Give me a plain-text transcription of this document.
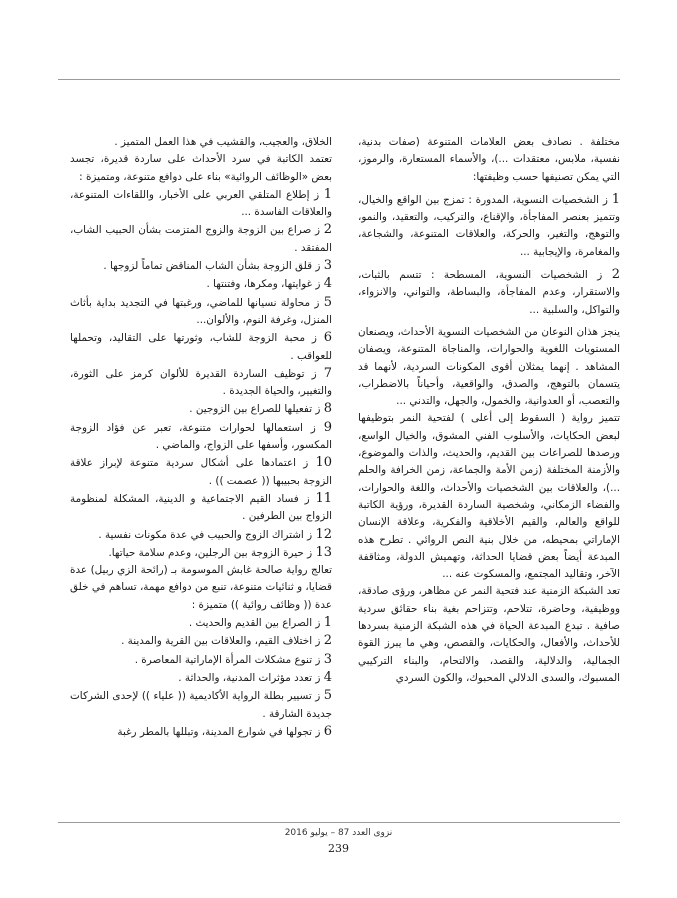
مختلفة . نصادف بعض العلامات المتنوعة (صفات بدنية، نفسية، ملابس، معتقدات ...)، والأسماء المستعارة، والرموز، التي يمكن تصنيفها حسب وظيفتها:

1 ز الشخصيات النسوية، المدورة : تمزج بين الواقع والخيال، وتتميز بعنصر المفاجأة، والإقناع، والتركيب، والتعقيد، والنمو، والتوهج، والتغير، والحركة، والعلاقات المتنوعة، والشجاعة، والمغامرة، والإيجابية ...

2 ز الشخصيات النسوية، المسطحة : تتسم بالثبات، والاستقرار، وعدم المفاجأة، والبساطة، والتواني، والانزواء، والتواكل، والسلبية ...

ينجز هذان النوعان من الشخصيات النسوية الأحداث، ويصنعان المستويات اللغوية والحوارات، والمناجاة المتنوعة، ويصفان المشاهد . إنهما يمثلان أقوى المكونات السردية، لأنهما قد يتسمان بالتوهج، والصدق، والواقعية، وأحياناً بالاضطراب، والتعصب، أو العدوانية، والخمول، والجهل، والتدني ...

تتميز رواية ( السقوط إلى أعلى ) لفتحية النمر بتوظيفها لبعض الحكايات، والأسلوب الفني المشوق، والخيال الواسع، ورصدها للصراعات بين القديم، والحديث، والذات والموضوع، والأزمنة المختلفة (زمن الأمة والجماعة، زمن الخرافة والحلم ...)، والعلاقات بين الشخصيات والأحداث، واللغة والحوارات، والفضاء الزمكاني، وشخصية الساردة القديرة، ورؤية الكاتبة للواقع والعالم، والقيم الأخلاقية والفكرية، وعلاقة الإنسان الإماراتي بمحيطه، من خلال بنية النص الروائي . تطرح هذه المبدعة أيضاً بعض قضايا الحداثة، وتهميش الدولة، ومثاقفة الآخر، وتقاليد المجتمع، والمسكوت عنه ...

تعد الشبكة الزمنية عند فتحية النمر عن مظاهر، ورؤى صادقة، ووظيفية، وحاضرة، تتلاحم، وتتزاحم بغية بناء حقائق سردية صافية . تبدع المبدعة الحياة في هذه الشبكة الزمنية بسردها للأحداث، والأفعال، والحكايات، والقصص، وهي ما يبرز القوة الجمالية، والدلالية، والقصد، والالتحام، والبناء التركيبي المسبوك، والسدى الدلالي المحبوك، والكون السردي

الخلاق، والعجيب، والقشيب في هذا العمل المتميز .

تعتمد الكاتبة في سرد الأحداث على ساردة قديرة، تجسد بعض «الوظائف الروائية» بناء على دوافع متنوعة، ومتميزة :

1 ز إطلاع المتلقي العربي على الأخبار، واللقاءات المتنوعة، والعلاقات الفاسدة ...

2 ز صراع بين الزوجة والزوج المتزمت بشأن الحبيب الشاب، المفتقد .

3 ز قلق الزوجة بشأن الشاب المناقض تماماً لزوجها .

4 ز غوايتها، ومكرها، وفتنتها .

5 ز محاولة نسيانها للماضي، ورغبتها في التجديد بداية بأثاث المنزل، وغرفة النوم، والألوان...

6 ز محبة الزوجة للشاب، وثورتها على التقاليد، وتحملها للعواقب .

7 ز توظيف الساردة القديرة للألوان كرمز على الثورة، والتغيير، والحياة الجديدة .

8 ز تفعيلها للصراع بين الزوجين .

9 ز استعمالها لحوارات متنوعة، تعبر عن فؤاد الزوجة المكسور، وأسفها على الزواج، والماضي .

10 ز اعتمادها على أشكال سردية متنوعة لإبراز علاقة الزوجة بحبيبها (( عصمت )) .

11 ز فساد القيم الاجتماعية و الدينية، المشكلة لمنظومة الزواج بين الطرفين .

12 ز اشتراك الزوج والحبيب في عدة مكونات نفسية .

13 ز حيرة الزوجة بين الرجلين، وعدم سلامة حياتها.

تعالج رواية صالحة غابش الموسومة بـ (رائحة الزي ربيل) عدة قضايا، و ثنائيات متنوعة، تنبع من دوافع مهمة، تساهم في خلق عدة (( وظائف روائية )) متميزة :

1 ز الصراع بين القديم والحديث .

2 ز اختلاف القيم، والعلاقات بين القرية والمدينة .

3 ز تنوع مشكلات المرأة الإماراتية المعاصرة .

4 ز تعدد مؤثرات المدنية، والحداثة .

5 ز تسيير بطلة الرواية الأكاديمية (( علياء )) لإحدى الشركات جديدة الشارقة .

6 ز تجولها في شوارع المدينة، وتبللها بالمطر رغبة

نزوى العدد 87 – يوليو 2016
239
